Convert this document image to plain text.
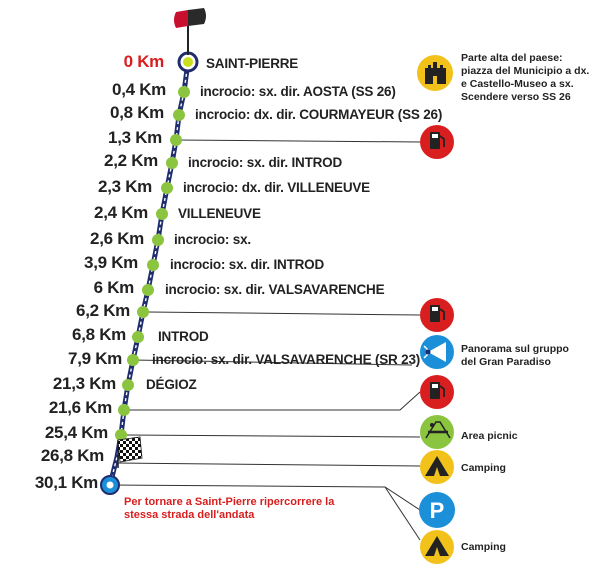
P
0 Km
0,4 Km
0,8 Km
1,3 Km
2,2 Km
2,3 Km
2,4 Km
2,6 Km
3,9 Km
6 Km
6,2 Km
6,8 Km
7,9 Km
21,3 Km
21,6 Km
25,4 Km
26,8 Km
30,1 Km
SAINT-PIERRE
incrocio: sx. dir. AOSTA (SS 26)
incrocio: dx. dir. COURMAYEUR (SS 26)
incrocio: sx. dir. INTROD
incrocio: dx. dir. VILLENEUVE
VILLENEUVE
incrocio: sx.
incrocio: sx. dir. INTROD
incrocio: sx. dir. VALSAVARENCHE
INTROD
incrocio: sx. dir. VALSAVARENCHE (SR 23)
DÉGIOZ
Parte alta del paese: piazza del Municipio a dx. e Castello-Museo a sx. Scendere verso SS 26
Panorama sul gruppo del Gran Paradiso
Area picnic
Camping
Camping
Per tornare a Saint-Pierre ripercorrere la stessa strada dell'andata
